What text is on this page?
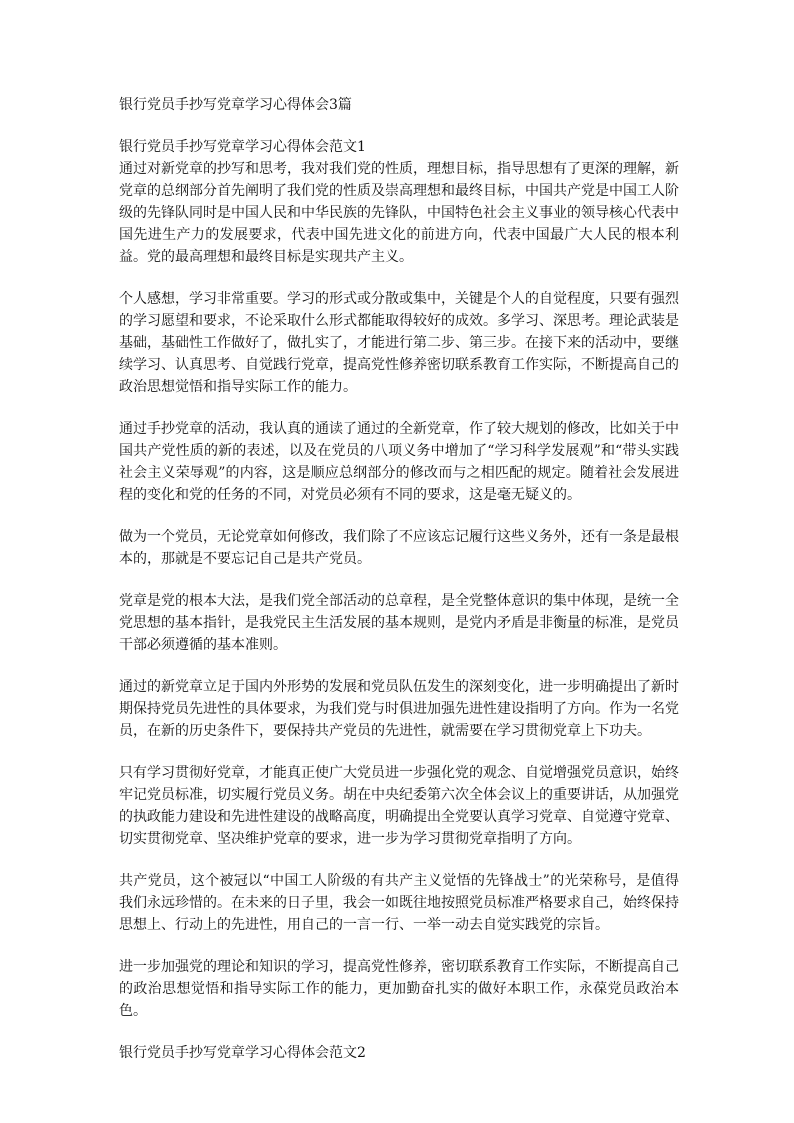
银行党员手抄写党章学习心得体会3篇
银行党员手抄写党章学习心得体会范文1

通过对新党章的抄写和思考，我对我们党的性质，理想目标，指导思想有了更深的理解，新党章的总纲部分首先阐明了我们党的性质及崇高理想和最终目标，中国共产党是中国工人阶级的先锋队同时是中国人民和中华民族的先锋队，中国特色社会主义事业的领导核心代表中国先进生产力的发展要求，代表中国先进文化的前进方向，代表中国最广大人民的根本利益。党的最高理想和最终目标是实现共产主义。

个人感想，学习非常重要。学习的形式或分散或集中，关键是个人的自觉程度，只要有强烈的学习愿望和要求，不论采取什么形式都能取得较好的成效。多学习、深思考。理论武装是基础，基础性工作做好了，做扎实了，才能进行第二步、第三步。在接下来的活动中，要继续学习、认真思考、自觉践行党章，提高党性修养密切联系教育工作实际，不断提高自己的政治思想觉悟和指导实际工作的能力。

通过手抄党章的活动，我认真的通读了通过的全新党章，作了较大规划的修改，比如关于中国共产党性质的新的表述，以及在党员的八项义务中增加了“学习科学发展观”和“带头实践社会主义荣辱观”的内容，这是顺应总纲部分的修改而与之相匹配的规定。随着社会发展进程的变化和党的任务的不同，对党员必须有不同的要求，这是毫无疑义的。

做为一个党员，无论党章如何修改，我们除了不应该忘记履行这些义务外，还有一条是最根本的，那就是不要忘记自己是共产党员。

党章是党的根本大法，是我们党全部活动的总章程，是全党整体意识的集中体现，是统一全党思想的基本指针，是我党民主生活发展的基本规则，是党内矛盾是非衡量的标准，是党员干部必须遵循的基本准则。

通过的新党章立足于国内外形势的发展和党员队伍发生的深刻变化，进一步明确提出了新时期保持党员先进性的具体要求，为我们党与时俱进加强先进性建设指明了方向。作为一名党员，在新的历史条件下，要保持共产党员的先进性，就需要在学习贯彻党章上下功夫。

只有学习贯彻好党章，才能真正使广大党员进一步强化党的观念、自觉增强党员意识，始终牢记党员标准，切实履行党员义务。胡在中央纪委第六次全体会议上的重要讲话，从加强党的执政能力建设和先进性建设的战略高度，明确提出全党要认真学习党章、自觉遵守党章、切实贯彻党章、坚决维护党章的要求，进一步为学习贯彻党章指明了方向。

共产党员，这个被冠以“中国工人阶级的有共产主义觉悟的先锋战士”的光荣称号，是值得我们永远珍惜的。在未来的日子里，我会一如既往地按照党员标准严格要求自己，始终保持思想上、行动上的先进性，用自己的一言一行、一举一动去自觉实践党的宗旨。

进一步加强党的理论和知识的学习，提高党性修养，密切联系教育工作实际，不断提高自己的政治思想觉悟和指导实际工作的能力，更加勤奋扎实的做好本职工作，永葆党员政治本色。

银行党员手抄写党章学习心得体会范文2
